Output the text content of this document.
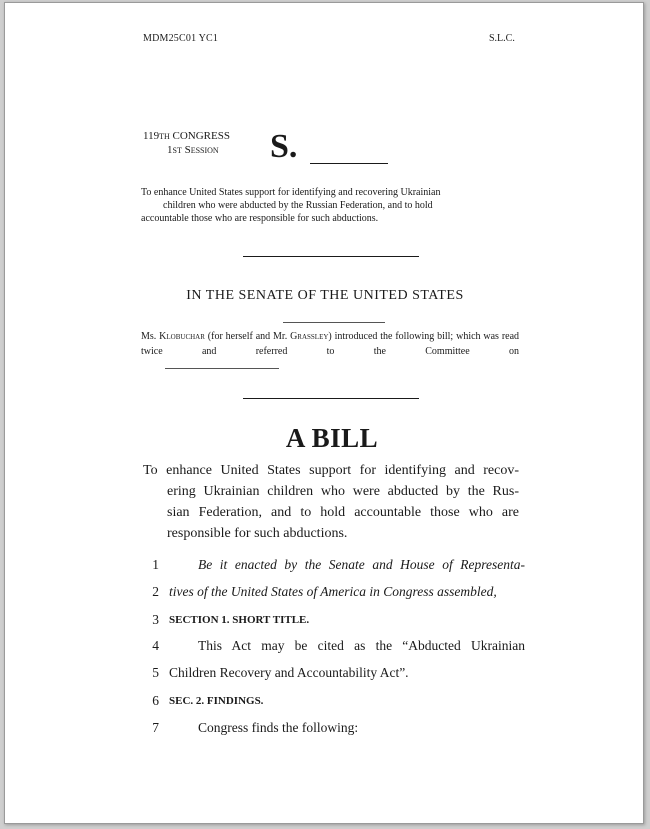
MDM25C01 YC1	S.L.C.
119th CONGRESS
1st Session	S.
To enhance United States support for identifying and recovering Ukrainian
children who were abducted by the Russian Federation, and to hold
accountable those who are responsible for such abductions.
IN THE SENATE OF THE UNITED STATES
Ms. Klobuchar (for herself and Mr. Grassley) introduced the following bill; which was read twice and referred to the Committee on
A BILL
To enhance United States support for identifying and recov-
ering Ukrainian children who were abducted by the Rus-
sian Federation, and to hold accountable those who are
responsible for such abductions.
1	Be it enacted by the Senate and House of Representa-
2 tives of the United States of America in Congress assembled,
3 SECTION 1. SHORT TITLE.
4	This Act may be cited as the “Abducted Ukrainian
5 Children Recovery and Accountability Act”.
6 SEC. 2. FINDINGS.
7	Congress finds the following:
